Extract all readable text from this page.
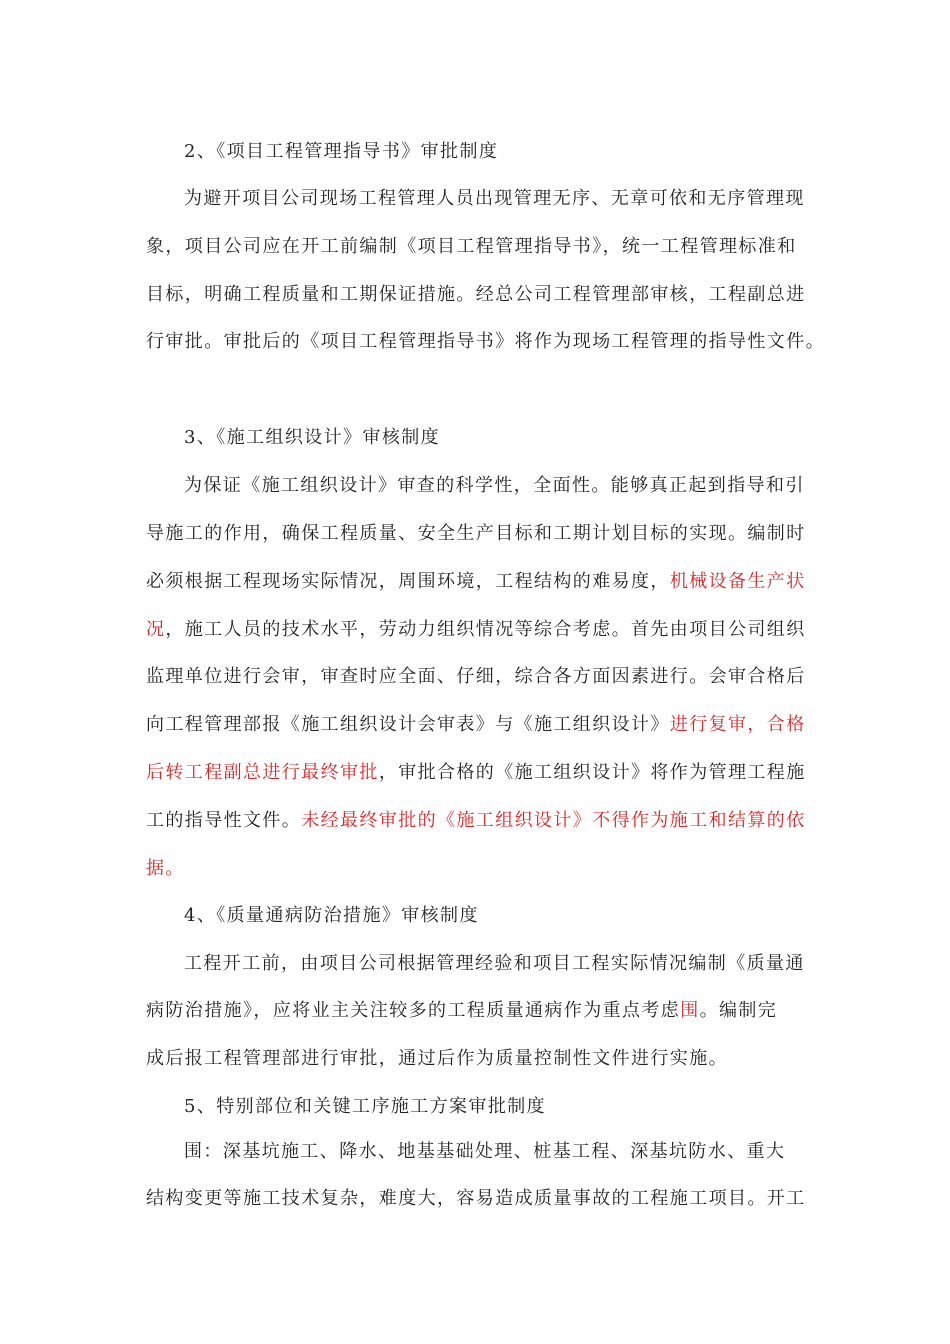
2、《项目工程管理指导书》审批制度
为避开项目公司现场工程管理人员出现管理无序、无章可依和无序管理现
象，项目公司应在开工前编制《项目工程管理指导书》，统一工程管理标准和
目标，明确工程质量和工期保证措施。经总公司工程管理部审核，工程副总进
行审批。审批后的《项目工程管理指导书》将作为现场工程管理的指导性文件。
3、《施工组织设计》审核制度
为保证《施工组织设计》审查的科学性，全面性。能够真正起到指导和引
导施工的作用，确保工程质量、安全生产目标和工期计划目标的实现。编制时
必须根据工程现场实际情况，周围环境，工程结构的难易度，机械设备生产状
况，施工人员的技术水平，劳动力组织情况等综合考虑。首先由项目公司组织
监理单位进行会审，审查时应全面、仔细，综合各方面因素进行。会审合格后
向工程管理部报《施工组织设计会审表》与《施工组织设计》进行复审，合格
后转工程副总进行最终审批，审批合格的《施工组织设计》将作为管理工程施
工的指导性文件。未经最终审批的《施工组织设计》不得作为施工和结算的依
据。
4、《质量通病防治措施》审核制度
工程开工前，由项目公司根据管理经验和项目工程实际情况编制《质量通
病防治措施》，应将业主关注较多的工程质量通病作为重点考虑围。编制完
成后报工程管理部进行审批，通过后作为质量控制性文件进行实施。
5、特别部位和关键工序施工方案审批制度
围：深基坑施工、降水、地基基础处理、桩基工程、深基坑防水、重大
结构变更等施工技术复杂，难度大，容易造成质量事故的工程施工项目。开工
